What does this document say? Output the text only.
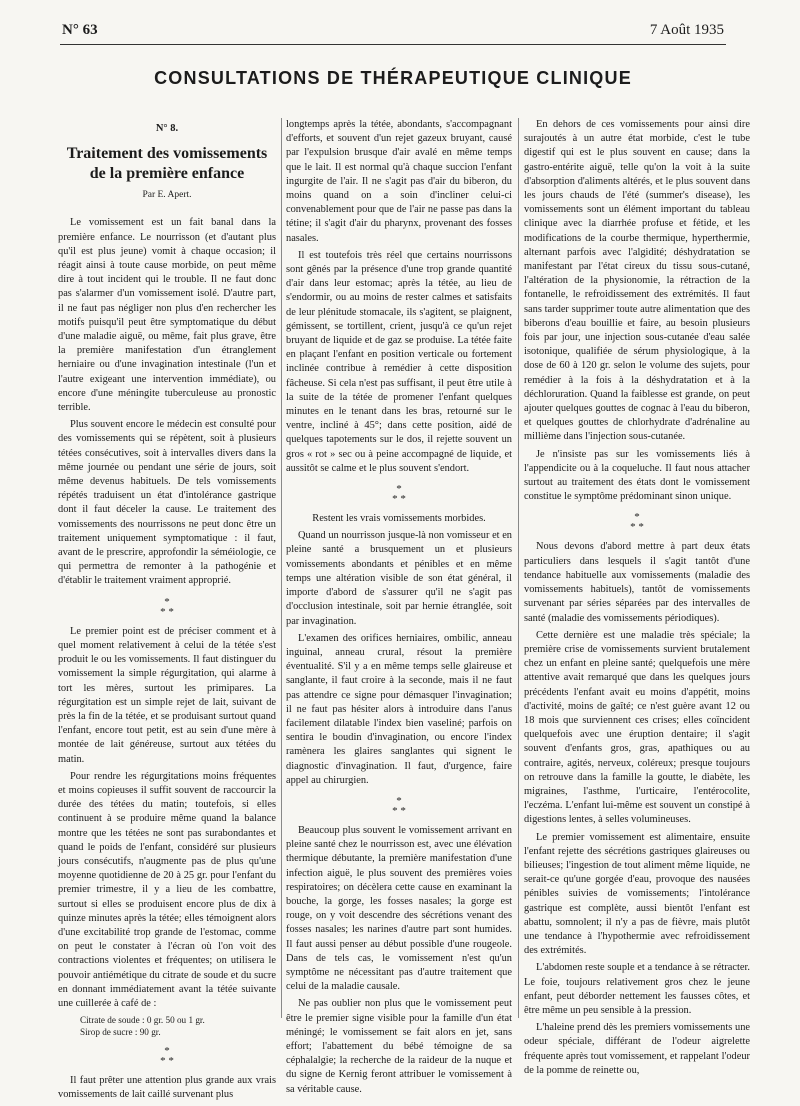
N° 63	7 Août 1935
CONSULTATIONS DE THÉRAPEUTIQUE CLINIQUE

N° 8.

Traitement des vomissements
de la première enfance

Par E. Apert.

Le vomissement est un fait banal dans la première enfance. Le nourrisson (et d'autant plus qu'il est plus jeune) vomit à chaque occasion; il réagit ainsi à toute cause morbide, on peut même dire à tout incident qui le trouble. Il ne faut donc pas s'alarmer d'un vomissement isolé. D'autre part, il ne faut pas négliger non plus d'en rechercher les motifs puisqu'il peut être symptomatique du début d'une maladie aiguë, ou même, fait plus grave, être la première manifestation d'un étranglement herniaire ou d'une invagination intestinale (l'un et l'autre exigeant une intervention immédiate), ou encore d'une méningite tuberculeuse au pronostic terrible.

Plus souvent encore le médecin est consulté pour des vomissements qui se répètent, soit à plusieurs tétées consécutives, soit à intervalles divers dans la même journée ou pendant une série de jours, soit même devenus habituels. De tels vomissements répétés traduisent un état d'intolérance gastrique dont il faut déceler la cause. Le traitement des vomissements des nourrissons ne peut donc être un traitement uniquement symptomatique : il faut, avant de le prescrire, approfondir la séméiologie, ce qui permettra de remonter à la pathogénie et d'établir le traitement vraiment approprié.

*
* *

Le premier point est de préciser comment et à quel moment relativement à celui de la tétée s'est produit le ou les vomissements. Il faut distinguer du vomissement la simple régurgitation, qui alarme à tort les mères, surtout les primipares. La régurgitation est un simple rejet de lait, suivant de près la fin de la tétée, et se produisant surtout quand l'enfant, encore tout petit, est au sein d'une mère à montée de lait généreuse, surtout aux tétées du matin.

Pour rendre les régurgitations moins fréquentes et moins copieuses il suffit souvent de raccourcir la durée des tétées du matin; toutefois, si elles continuent à se produire même quand la balance montre que les tétées ne sont pas surabondantes et quand le poids de l'enfant, considéré sur plusieurs jours consécutifs, n'augmente pas de plus qu'une moyenne quotidienne de 20 à 25 gr. pour l'enfant du premier trimestre, il y a lieu de les combattre, surtout si elles se produisent encore plus de dix à quinze minutes après la tétée; elles témoignent alors d'une excitabilité trop grande de l'estomac, comme on peut le constater à l'écran où l'on voit des contractions violentes et fréquentes; on utilisera le pouvoir antiémétique du citrate de soude et du sucre en donnant immédiatement avant la tétée suivante une cuillerée à café de :

Citrate de soude : 0 gr. 50 ou 1 gr.
Sirop de sucre : 90 gr.

*
* *

Il faut prêter une attention plus grande aux vrais vomissements de lait caillé survenant plus

longtemps après la tétée, abondants, s'accompagnant d'efforts, et souvent d'un rejet gazeux bruyant, causé par l'expulsion brusque d'air avalé en même temps que le lait. Il est normal qu'à chaque succion l'enfant ingurgite de l'air. Il ne s'agit pas d'air du biberon, du moins quand on a soin d'incliner celui-ci convenablement pour que de l'air ne passe pas dans la tétine; il s'agit d'air du pharynx, provenant des fosses nasales.

Il est toutefois très réel que certains nourrissons sont gênés par la présence d'une trop grande quantité d'air dans leur estomac; après la tétée, au lieu de s'endormir, ou au moins de rester calmes et satisfaits de leur plénitude stomacale, ils s'agitent, se plaignent, gémissent, se tortillent, crient, jusqu'à ce qu'un rejet bruyant de liquide et de gaz se produise. La tétée faite en plaçant l'enfant en position verticale ou fortement inclinée contribue à remédier à cette disposition fâcheuse. Si cela n'est pas suffisant, il peut être utile à la suite de la tétée de promener l'enfant quelques minutes en le tenant dans les bras, retourné sur le ventre, incliné à 45°; dans cette position, aidé de quelques tapotements sur le dos, il rejette souvent un gros « rot » sec ou à peine accompagné de liquide, et aussitôt se calme et le plus souvent s'endort.

*
* *

Restent les vrais vomissements morbides.

Quand un nourrisson jusque-là non vomisseur et en pleine santé a brusquement un et plusieurs vomissements abondants et pénibles et en même temps une altération visible de son état général, il importe d'abord de s'assurer qu'il ne s'agit pas d'occlusion intestinale, soit par hernie étranglée, soit par invagination.

L'examen des orifices herniaires, ombilic, anneau inguinal, anneau crural, résout la première éventualité. S'il y a en même temps selle glaireuse et sanglante, il faut croire à la seconde, mais il ne faut pas attendre ce signe pour démasquer l'invagination; il ne faut pas hésiter alors à introduire dans l'anus facilement dilatable l'index bien vaseliné; parfois on sentira le boudin d'invagination, ou encore l'index ramènera les glaires sanglantes qui signent le diagnostic d'invagination. Il faut, d'urgence, faire appel au chirurgien.

*
* *

Beaucoup plus souvent le vomissement arrivant en pleine santé chez le nourrisson est, avec une élévation thermique débutante, la première manifestation d'une infection aiguë, le plus souvent des premières voies respiratoires; on décèlera cette cause en examinant la bouche, la gorge, les fosses nasales; la gorge est rouge, on y voit descendre des sécrétions venant des fosses nasales; les narines d'autre part sont humides. Il faut aussi penser au début possible d'une rougeole. Dans de tels cas, le vomissement n'est qu'un symptôme ne nécessitant pas d'autre traitement que celui de la maladie causale.

Ne pas oublier non plus que le vomissement peut être le premier signe visible pour la famille d'un état méningé; le vomissement se fait alors en jet, sans effort; l'abattement du bébé témoigne de sa céphalalgie; la recherche de la raideur de la nuque et du signe de Kernig feront attribuer le vomissement à sa véritable cause.

En dehors de ces vomissements pour ainsi dire surajoutés à un autre état morbide, c'est le tube digestif qui est le plus souvent en cause; dans la gastro-entérite aiguë, telle qu'on la voit à la suite d'absorption d'aliments altérés, et le plus souvent dans les jours chauds de l'été (summer's disease), les vomissements sont un élément important du tableau clinique avec la diarrhée profuse et fétide, et les modifications de la courbe thermique, hyperthermie, alternant parfois avec l'algidité; déshydratation se manifestant par l'état cireux du tissu sous-cutané, l'altération de la physionomie, la rétraction de la fontanelle, le refroidissement des extrémités. Il faut sans tarder supprimer toute autre alimentation que des biberons d'eau bouillie et faire, au besoin plusieurs fois par jour, une injection sous-cutanée d'eau salée isotonique, qualifiée de sérum physiologique, à la dose de 60 à 120 gr. selon le volume des sujets, pour remédier à la fois à la déshydratation et à la déchloruration. Quand la faiblesse est grande, on peut ajouter quelques gouttes de cognac à l'eau du biberon, et quelques gouttes de chlorhydrate d'adrénaline au millième dans l'injection sous-cutanée.

Je n'insiste pas sur les vomissements liés à l'appendicite ou à la coqueluche. Il faut nous attacher surtout au traitement des états dont le vomissement constitue le symptôme prédominant sinon unique.

*
* *

Nous devons d'abord mettre à part deux états particuliers dans lesquels il s'agit tantôt d'une tendance habituelle aux vomissements (maladie des vomissements habituels), tantôt de vomissements survenant par séries séparées par des intervalles de santé (maladie des vomissements périodiques).

Cette dernière est une maladie très spéciale; la première crise de vomissements survient brutalement chez un enfant en pleine santé; quelquefois une mère attentive avait remarqué que dans les quelques jours précédents l'enfant avait eu moins d'appétit, moins d'activité, moins de gaîté; ce n'est guère avant 12 ou 18 mois que surviennent ces crises; elles coïncident quelquefois avec une éruption dentaire; il s'agit souvent d'enfants gros, gras, apathiques ou au contraire, agités, nerveux, coléreux; presque toujours on retrouve dans la famille la goutte, le diabète, les migraines, l'asthme, l'urticaire, l'entérocolite, l'eczéma. L'enfant lui-même est souvent un constipé à digestions lentes, à selles volumineuses.

Le premier vomissement est alimentaire, ensuite l'enfant rejette des sécrétions gastriques glaireuses ou bilieuses; l'ingestion de tout aliment même liquide, ne serait-ce qu'une gorgée d'eau, provoque des nausées pénibles suivies de vomissements; l'intolérance gastrique est complète, aussi bientôt l'enfant est abattu, somnolent; il n'y a pas de fièvre, mais plutôt une tendance à l'hypothermie avec refroidissement des extrémités.

L'abdomen reste souple et a tendance à se rétracter. Le foie, toujours relativement gros chez le jeune enfant, peut déborder nettement les fausses côtes, et être même un peu sensible à la pression.

L'haleine prend dès les premiers vomissements une odeur spéciale, différant de l'odeur aigrelette fréquente après tout vomissement, et rappelant l'odeur de la pomme de reinette ou,
